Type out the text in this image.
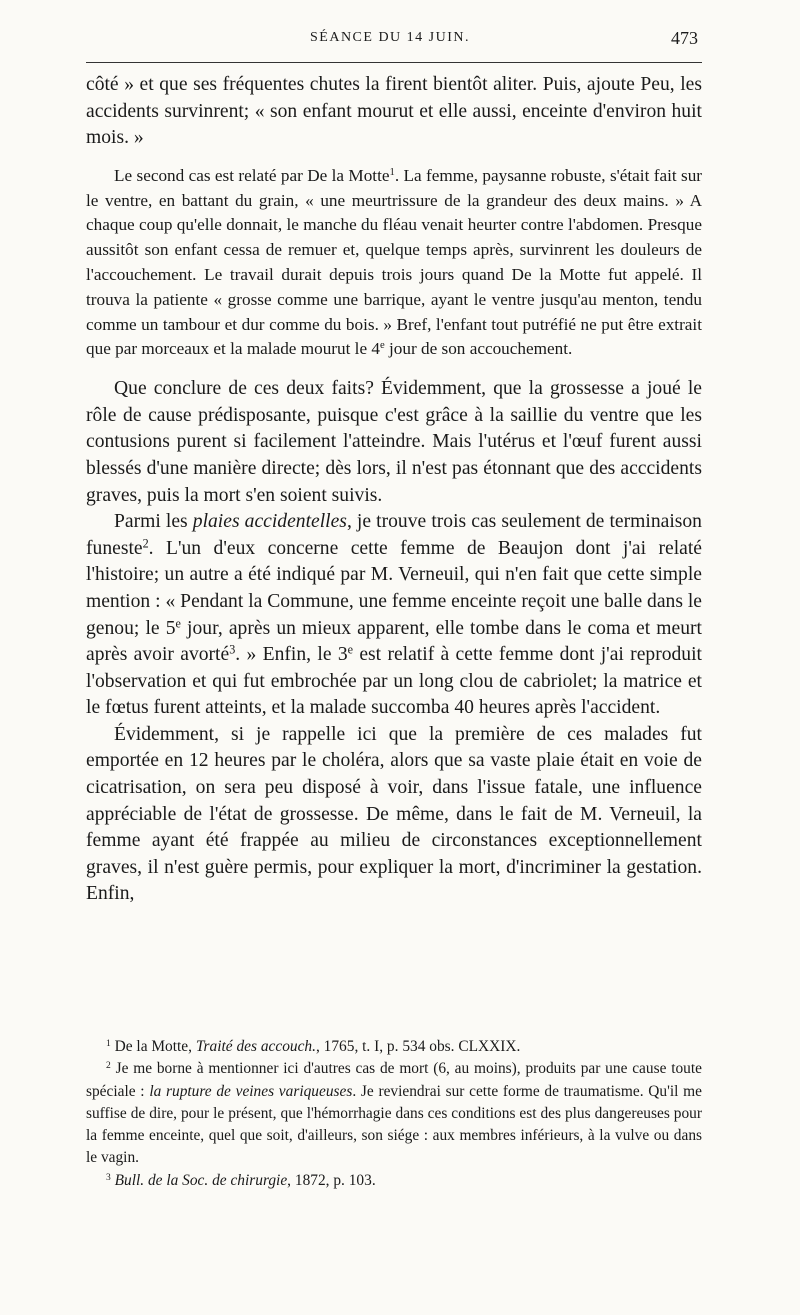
SÉANCE DU 14 JUIN.	473

côté » et que ses fréquentes chutes la firent bientôt aliter. Puis, ajoute Peu, les accidents survinrent; « son enfant mourut et elle aussi, enceinte d'environ huit mois. »

Le second cas est relaté par De la Motte$^1$. La femme, paysanne robuste, s'était fait sur le ventre, en battant du grain, « une meurtrissure de la grandeur des deux mains. » A chaque coup qu'elle donnait, le manche du fléau venait heurter contre l'abdomen. Presque aussitôt son enfant cessa de remuer et, quelque temps après, survinrent les douleurs de l'accouchement. Le travail durait depuis trois jours quand De la Motte fut appelé. Il trouva la patiente « grosse comme une barrique, ayant le ventre jusqu'au menton, tendu comme un tambour et dur comme du bois. » Bref, l'enfant tout putréfié ne put être extrait que par morceaux et la malade mourut le 4e jour de son accouchement.

Que conclure de ces deux faits? Évidemment, que la grossesse a joué le rôle de cause prédisposante, puisque c'est grâce à la saillie du ventre que les contusions purent si facilement l'atteindre. Mais l'utérus et l'œuf furent aussi blessés d'une manière directe; dès lors, il n'est pas étonnant que des acccidents graves, puis la mort s'en soient suivis.

Parmi les plaies accidentelles, je trouve trois cas seulement de terminaison funeste$^2$. L'un d'eux concerne cette femme de Beaujon dont j'ai relaté l'histoire; un autre a été indiqué par M. Verneuil, qui n'en fait que cette simple mention : « Pendant la Commune, une femme enceinte reçoit une balle dans le genou; le 5e jour, après un mieux apparent, elle tombe dans le coma et meurt après avoir avorté$^3$. » Enfin, le 3e est relatif à cette femme dont j'ai reproduit l'observation et qui fut embrochée par un long clou de cabriolet; la matrice et le fœtus furent atteints, et la malade succomba 40 heures après l'accident.

Évidemment, si je rappelle ici que la première de ces malades fut emportée en 12 heures par le choléra, alors que sa vaste plaie était en voie de cicatrisation, on sera peu disposé à voir, dans l'issue fatale, une influence appréciable de l'état de grossesse. De même, dans le fait de M. Verneuil, la femme ayant été frappée au milieu de circonstances exceptionnellement graves, il n'est guère permis, pour expliquer la mort, d'incriminer la gestation. Enfin,

$^1$ De la Motte, Traité des accouch., 1765, t. I, p. 534 obs. CLXXIX.

$^2$ Je me borne à mentionner ici d'autres cas de mort (6, au moins), produits par une cause toute spéciale : la rupture de veines variqueuses. Je reviendrai sur cette forme de traumatisme. Qu'il me suffise de dire, pour le présent, que l'hémorrhagie dans ces conditions est des plus dangereuses pour la femme enceinte, quel que soit, d'ailleurs, son siége : aux membres inférieurs, à la vulve ou dans le vagin.

$^3$ Bull. de la Soc. de chirurgie, 1872, p. 103.
